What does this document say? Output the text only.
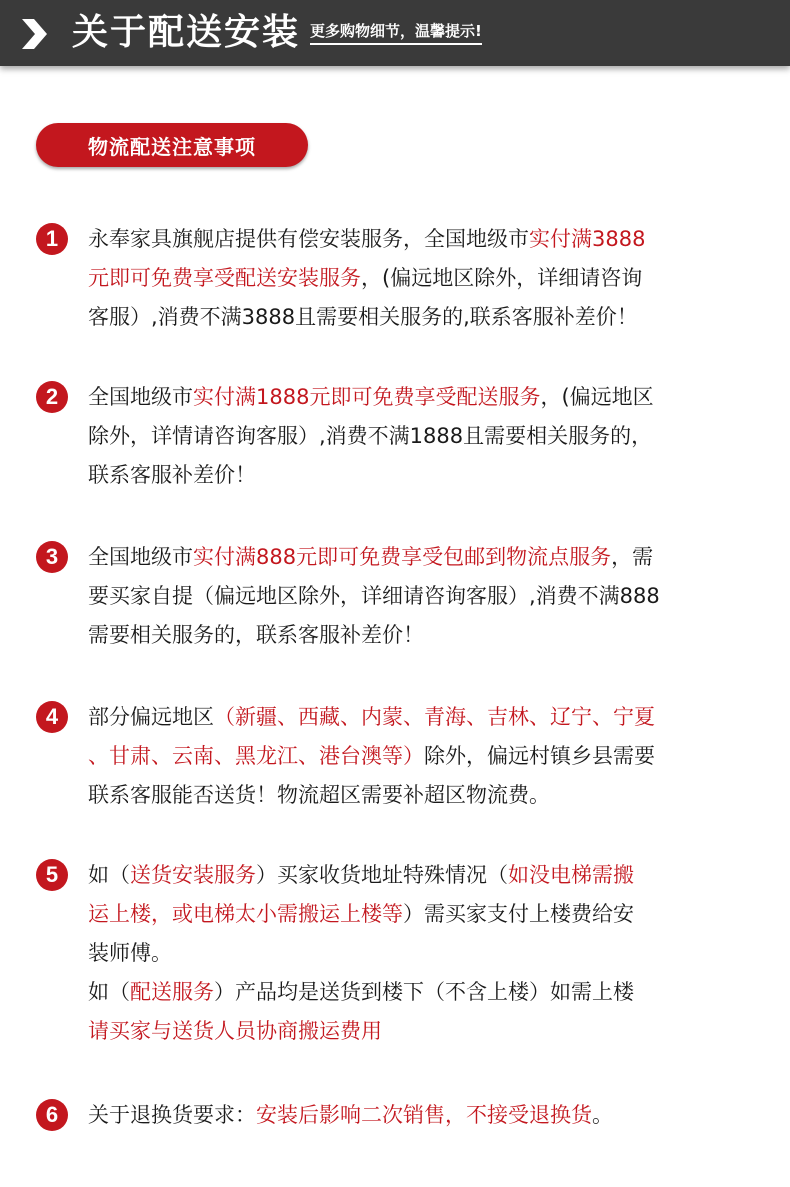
关于配送安装 更多购物细节，温馨提示!
物流配送注意事项
1	永奉家具旗舰店提供有偿安装服务，全国地级市实付满3888
元即可免费享受配送安装服务，(偏远地区除外，详细请咨询
客服）,消费不满3888且需要相关服务的,联系客服补差价！
2	全国地级市实付满1888元即可免费享受配送服务，(偏远地区
除外，详情请咨询客服）,消费不满1888且需要相关服务的，
联系客服补差价！
3	全国地级市实付满888元即可免费享受包邮到物流点服务，需
要买家自提（偏远地区除外，详细请咨询客服）,消费不满888
需要相关服务的，联系客服补差价！
4	部分偏远地区（新疆、西藏、内蒙、青海、吉林、辽宁、宁夏
、甘肃、云南、黑龙江、港台澳等）除外，偏远村镇乡县需要
联系客服能否送货！物流超区需要补超区物流费。
5	如（送货安装服务）买家收货地址特殊情况（如没电梯需搬
运上楼，或电梯太小需搬运上楼等）需买家支付上楼费给安
装师傅。
如（配送服务）产品均是送货到楼下（不含上楼）如需上楼
请买家与送货人员协商搬运费用
6	关于退换货要求：安装后影响二次销售，不接受退换货。
